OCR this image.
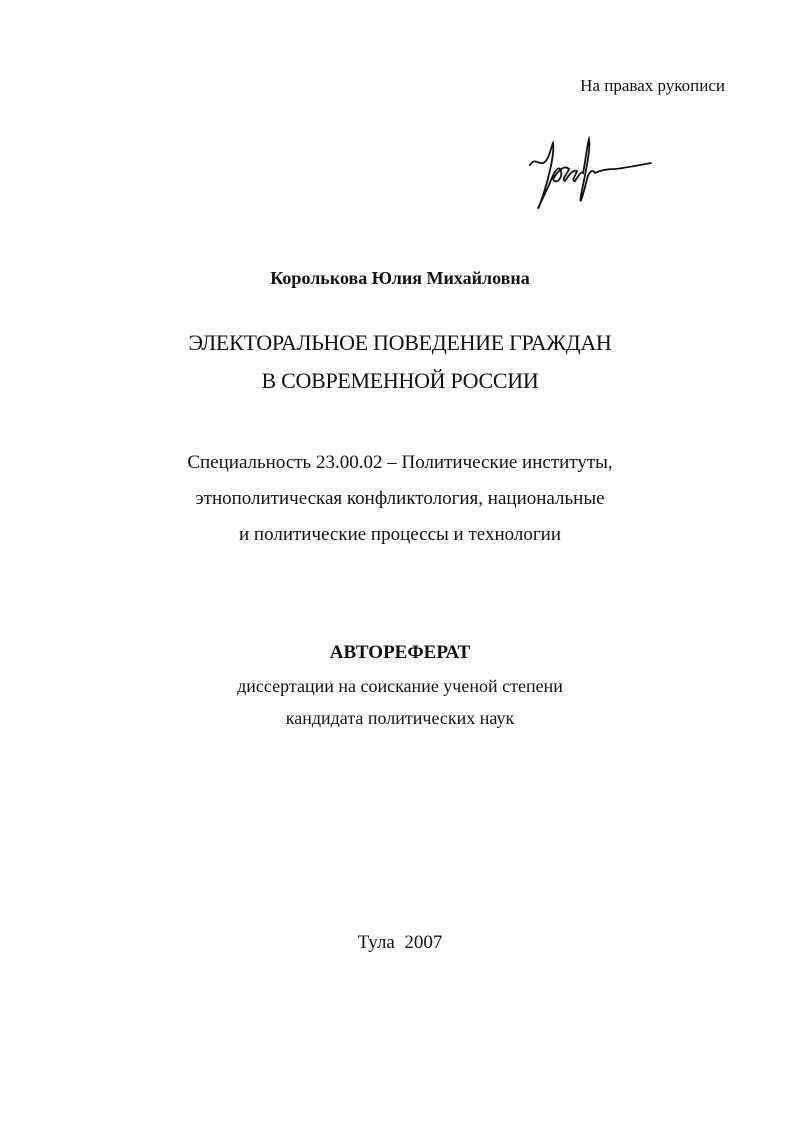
На правах рукописи
Королькова Юлия Михайловна
ЭЛЕКТОРАЛЬНОЕ ПОВЕДЕНИЕ ГРАЖДАН
В СОВРЕМЕННОЙ РОССИИ
Специальность 23.00.02 – Политические институты,
этнополитическая конфликтология, национальные
и политические процессы и технологии
АВТОРЕФЕРАТ
диссертации на соискание ученой степени
кандидата политических наук
Тула  2007
